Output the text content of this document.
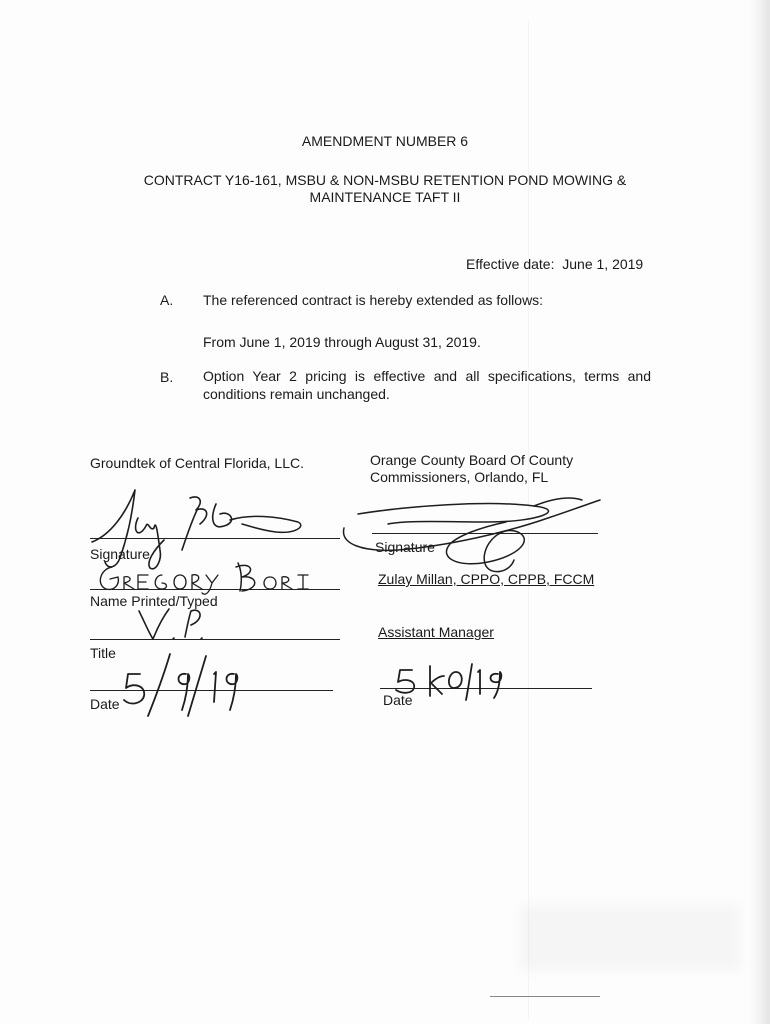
AMENDMENT NUMBER 6
CONTRACT Y16-161, MSBU & NON-MSBU RETENTION POND MOWING &
MAINTENANCE TAFT II
Effective date: June 1, 2019
A. The referenced contract is hereby extended as follows:
From June 1, 2019 through August 31, 2019.
B. Option Year 2 pricing is effective and all specifications, terms and
conditions remain unchanged.
Groundtek of Central Florida, LLC.
Signature
Name Printed/Typed
Title
Date
Orange County Board Of County
Commissioners, Orlando, FL
Signature
Zulay Millan, CPPO, CPPB, FCCM
Assistant Manager
Date
